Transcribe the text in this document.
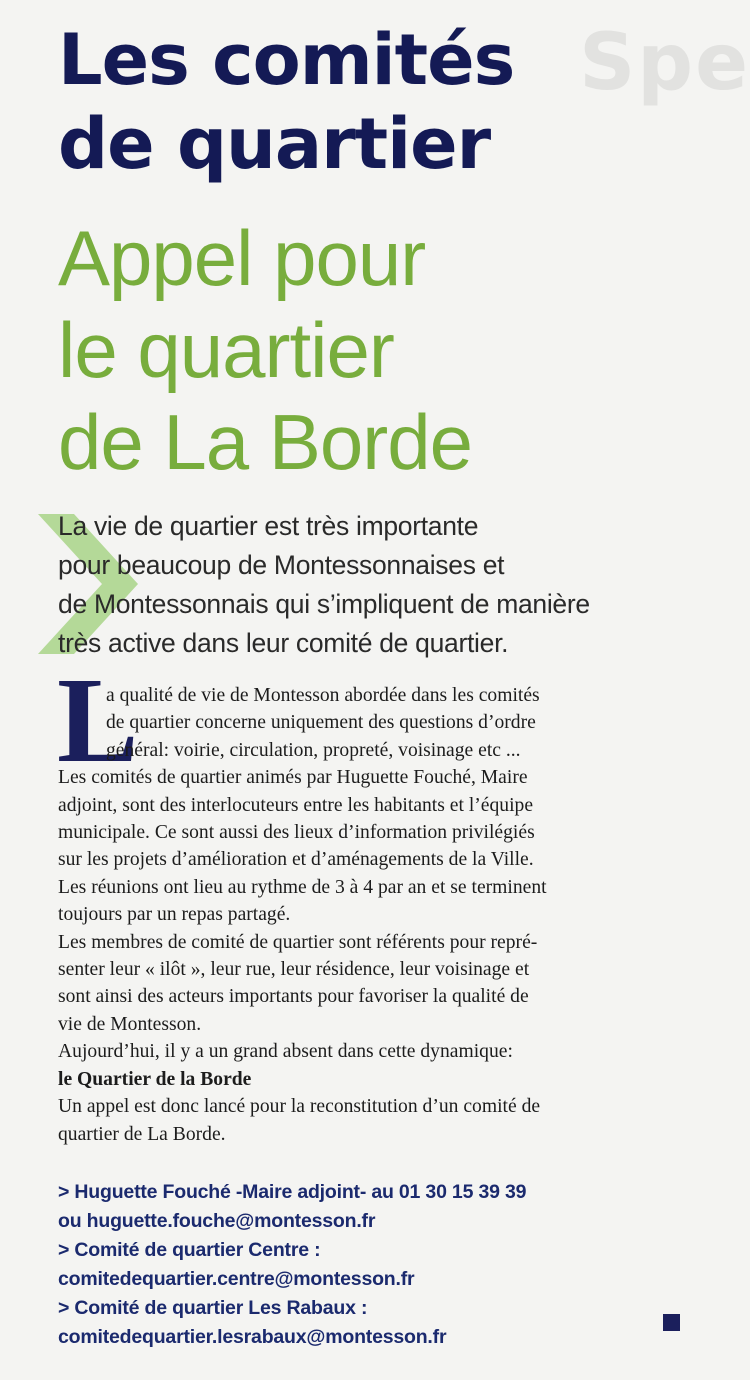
Spe
Les comités
de quartier
Appel pour
le quartier
de La Borde
La vie de quartier est très importante
pour beaucoup de Montessonnaises et
de Montessonnais qui s’impliquent de manière
très active dans leur comité de quartier.
L
a qualité de vie de Montesson abordée dans les comités
de quartier concerne uniquement des questions d’ordre
général: voirie, circulation, propreté, voisinage etc ...
Les comités de quartier animés par Huguette Fouché, Maire
adjoint, sont des interlocuteurs entre les habitants et l’équipe
municipale. Ce sont aussi des lieux d’information privilégiés
sur les projets d’amélioration et d’aménagements de la Ville.
Les réunions ont lieu au rythme de 3 à 4 par an et se terminent
toujours par un repas partagé.
Les membres de comité de quartier sont référents pour repré-
senter leur « ilôt », leur rue, leur résidence, leur voisinage et
sont ainsi des acteurs importants pour favoriser la qualité de
vie de Montesson.
Aujourd’hui, il y a un grand absent dans cette dynamique:
le Quartier de la Borde
Un appel est donc lancé pour la reconstitution d’un comité de
quartier de La Borde.
> Huguette Fouché -Maire adjoint- au 01 30 15 39 39
ou huguette.fouche@montesson.fr
> Comité de quartier Centre :
comitedequartier.centre@montesson.fr
> Comité de quartier Les Rabaux :
comitedequartier.lesrabaux@montesson.fr
